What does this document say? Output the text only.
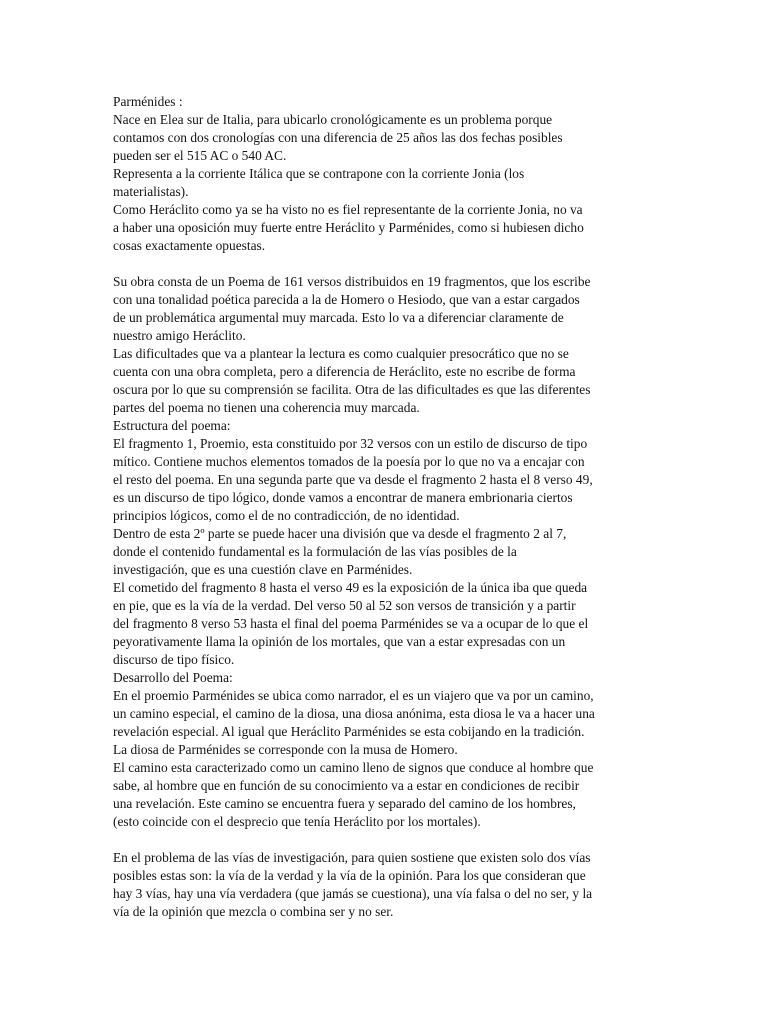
Parménides :
Nace en Elea sur de Italia, para ubicarlo cronológicamente es un problema porque
contamos con dos cronologías con una diferencia de 25 años las dos fechas posibles
pueden ser el 515 AC o 540 AC.
Representa a la corriente Itálica que se contrapone con la corriente Jonia (los
materialistas).
Como Heráclito como ya se ha visto no es fiel representante de la corriente Jonia, no va
a haber una oposición muy fuerte entre Heráclito y Parménides, como si hubiesen dicho
cosas exactamente opuestas.
Su obra consta de un Poema de 161 versos distribuidos en 19 fragmentos, que los escribe
con una tonalidad poética parecida a la de Homero o Hesiodo, que van a estar cargados
de un problemática argumental muy marcada. Esto lo va a diferenciar claramente de
nuestro amigo Heráclito.
Las dificultades que va a plantear la lectura es como cualquier presocrático que no se
cuenta con una obra completa, pero a diferencia de Heráclito, este no escribe de forma
oscura por lo que su comprensión se facilita. Otra de las dificultades es que las diferentes
partes del poema no tienen una coherencia muy marcada.
Estructura del poema:
El fragmento 1, Proemio, esta constituido por 32 versos con un estilo de discurso de tipo
mítico. Contiene muchos elementos tomados de la poesía por lo que no va a encajar con
el resto del poema. En una segunda parte que va desde el fragmento 2 hasta el 8 verso 49,
es un discurso de tipo lógico, donde vamos a encontrar de manera embrionaria ciertos
principios lógicos, como el de no contradicción, de no identidad.
Dentro de esta 2º parte se puede hacer una división que va desde el fragmento 2 al 7,
donde el contenido fundamental es la formulación de las vías posibles de la
investigación, que es una cuestión clave en Parménides.
El cometido del fragmento 8 hasta el verso 49 es la exposición de la única iba que queda
en pie, que es la vía de la verdad. Del verso 50 al 52 son versos de transición y a partir
del fragmento 8 verso 53 hasta el final del poema Parménides se va a ocupar de lo que el
peyorativamente llama la opinión de los mortales, que van a estar expresadas con un
discurso de tipo físico.
Desarrollo del Poema:
En el proemio Parménides se ubica como narrador, el es un viajero que va por un camino,
un camino especial, el camino de la diosa, una diosa anónima, esta diosa le va a hacer una
revelación especial. Al igual que Heráclito Parménides se esta cobijando en la tradición.
La diosa de Parménides se corresponde con la musa de Homero.
El camino esta caracterizado como un camino lleno de signos que conduce al hombre que
sabe, al hombre que en función de su conocimiento va a estar en condiciones de recibir
una revelación. Este camino se encuentra fuera y separado del camino de los hombres,
(esto coincide con el desprecio que tenía Heráclito por los mortales).
En el problema de las vías de investigación, para quien sostiene que existen solo dos vías
posibles estas son: la vía de la verdad y la vía de la opinión. Para los que consideran que
hay 3 vías, hay una vía verdadera (que jamás se cuestiona), una vía falsa o del no ser, y la
vía de la opinión que mezcla o combina ser y no ser.
